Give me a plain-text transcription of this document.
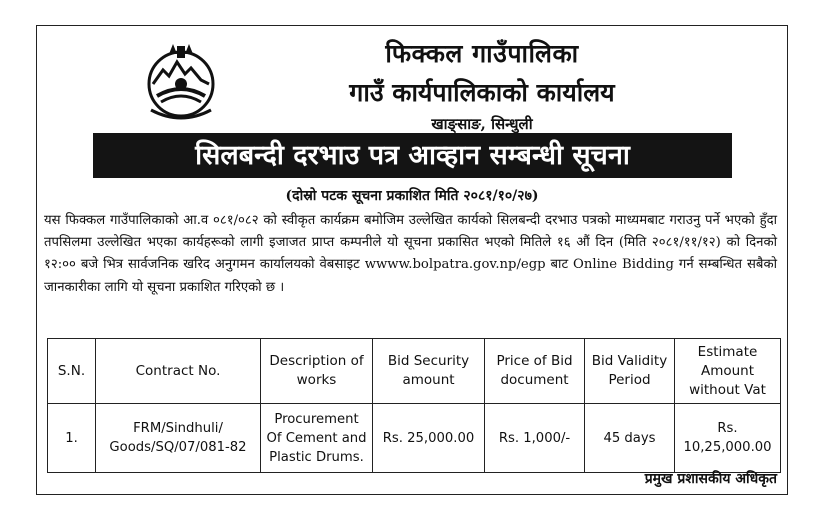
फिक्कल गाउँपालिका
गाउँ कार्यपालिकाको कार्यालय
खाङ्साङ, सिन्धुली
सिलबन्दी दरभाउ पत्र आव्हान सम्बन्धी सूचना
(दोस्रो पटक सूचना प्रकाशित मिति २०८१/१०/२७)
यस फिक्कल गाउँपालिकाको आ.व ०८१/०८२ को स्वीकृत कार्यक्रम बमोजिम उल्लेखित कार्यको सिलबन्दी दरभाउ पत्रको माध्यमबाट गराउनु पर्ने भएको हुँदा तपसिलमा उल्लेखित भएका कार्यहरूको लागी इजाजत प्राप्त कम्पनीले यो सूचना प्रकासित भएको मितिले १६ औं दिन (मिति २०८१/११/१२) को दिनको १२:०० बजे भित्र सार्वजनिक खरिद अनुगमन कार्यालयको वेबसाइट wwww.bolpatra.gov.np/egp बाट Online Bidding गर्न सम्बन्धित सबैको जानकारीका लागि यो सूचना प्रकाशित गरिएको छ ।
S.N.	Contract No.	Description of works	Bid Security amount	Price of Bid document	Bid Validity Period	Estimate Amount without Vat
1.	FRM/Sindhuli/ Goods/SQ/07/081-82	Procurement Of Cement and Plastic Drums.	Rs. 25,000.00	Rs. 1,000/-	45 days	Rs. 10,25,000.00
प्रमुख प्रशासकीय अधिकृत
